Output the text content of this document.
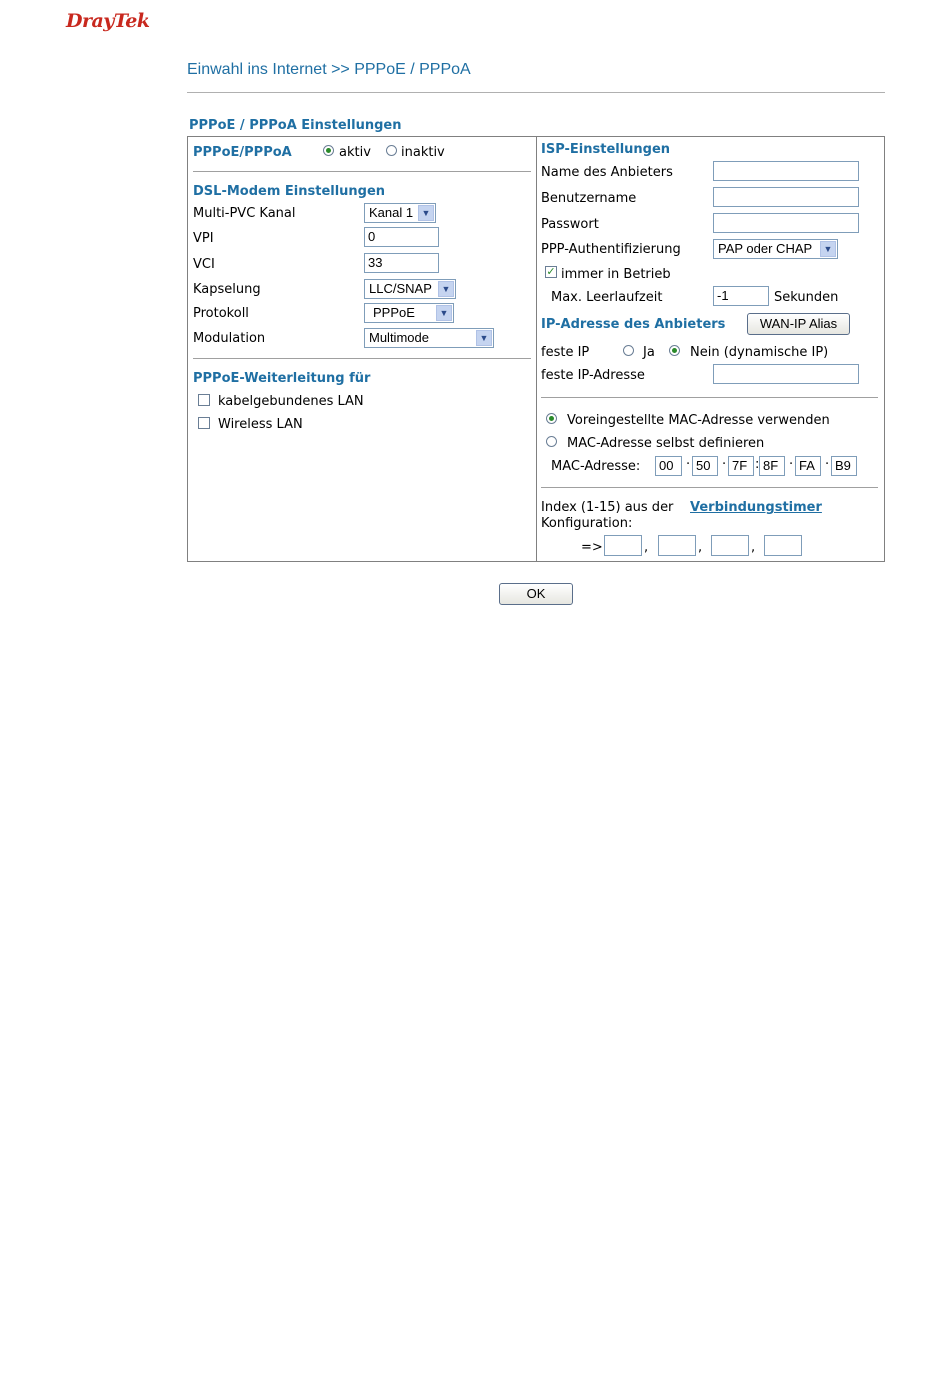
DrayTek
Einwahl ins Internet >> PPPoE / PPPoA
PPPoE / PPPoA Einstellungen
PPPoE/PPPoA	aktiv inaktiv
DSL-Modem Einstellungen
Multi-PVC Kanal	Kanal 1 ▼
VPI	0
VCI	33
Kapselung	LLC/SNAP	▼
Protokoll	PPPoE	▼
Modulation	Multimode	▼
PPPoE-Weiterleitung für
kabelgebundenes LAN
Wireless LAN
ISP-Einstellungen
Name des Anbieters
Benutzername
Passwort
PPP-Authentifizierung	PAP oder CHAP	▼
✓ immer in Betrieb
Max. Leerlaufzeit	-1	Sekunden
IP-Adresse des Anbieters	WAN-IP Alias
feste IP	Ja	Nein (dynamische IP)
feste IP-Adresse
Voreingestellte MAC-Adresse verwenden
MAC-Adresse selbst definieren
MAC-Adresse:	00 · 50 · 7F : 8F · FA · B9
Index (1-15) aus der Verbindungstimer
Konfiguration:
=>	,	,	,
OK
